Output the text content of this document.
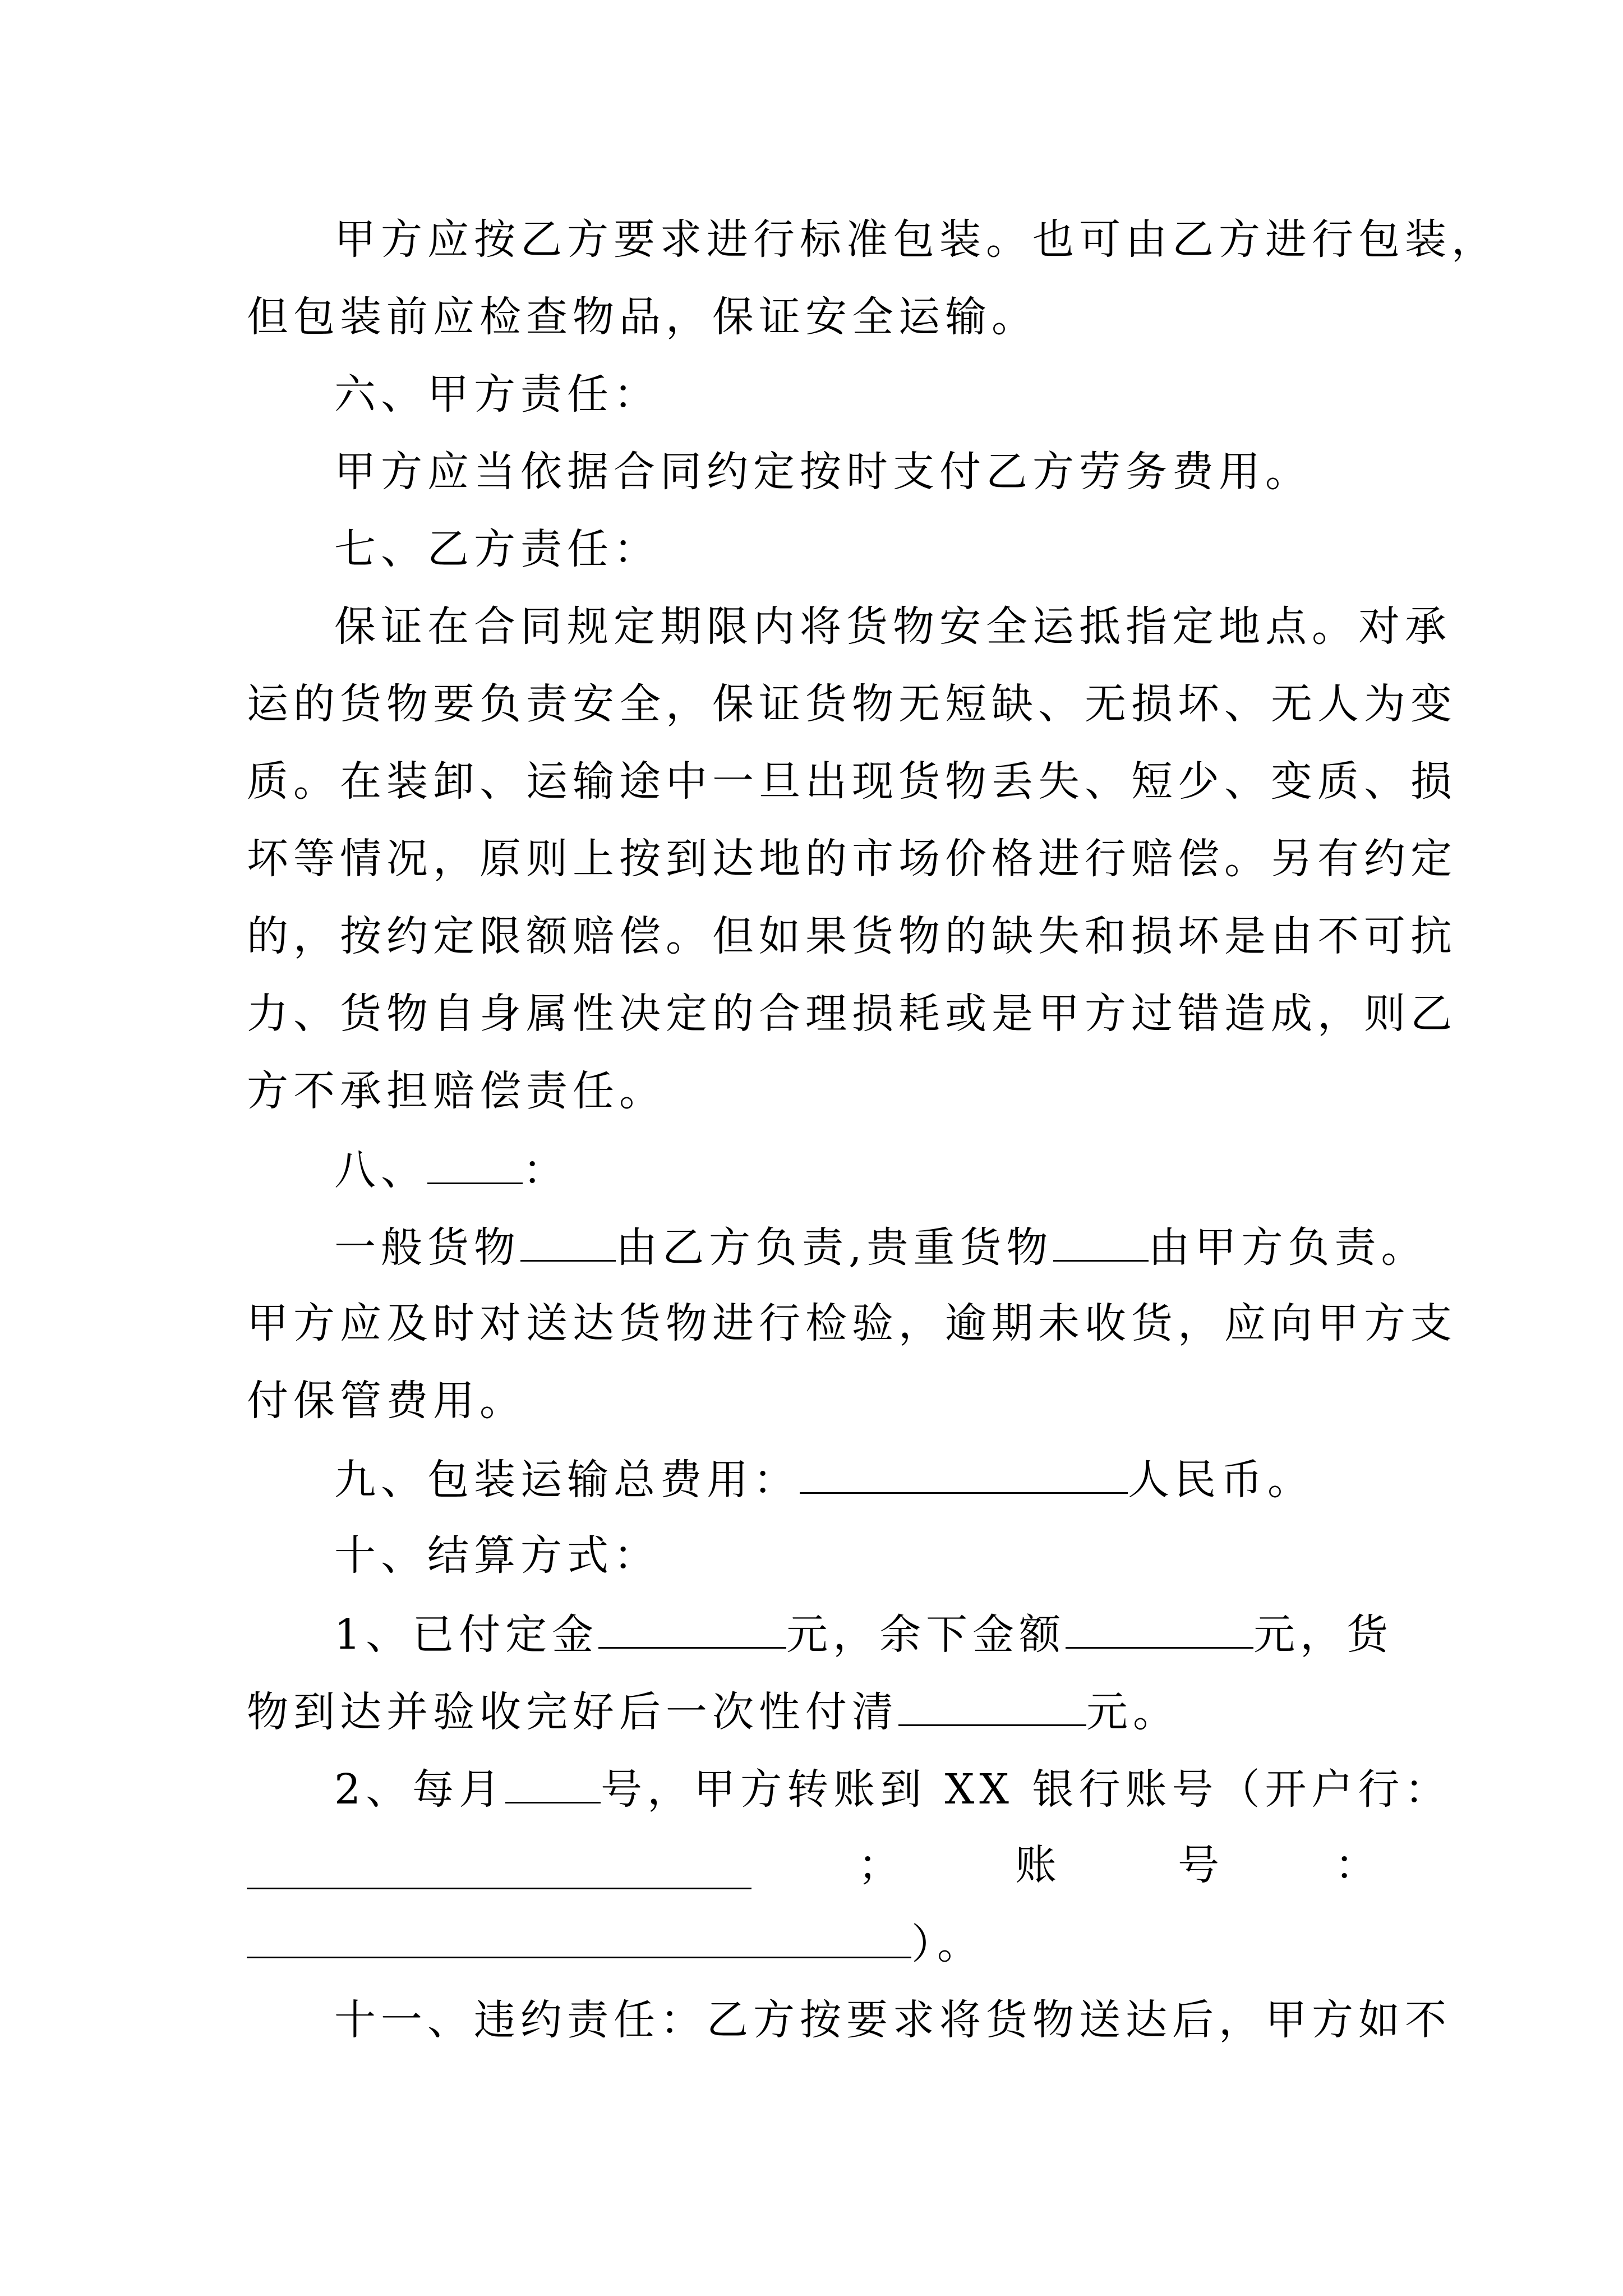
甲方应按乙方要求进行标准包装。也可由乙方进行包装，
但包装前应检查物品，保证安全运输。
六、甲方责任：
甲方应当依据合同约定按时支付乙方劳务费用。
七、乙方责任：
保证在合同规定期限内将货物安全运抵指定地点。对承
运的货物要负责安全，保证货物无短缺、无损坏、无人为变
质。在装卸、运输途中一旦出现货物丢失、短少、变质、损
坏等情况，原则上按到达地的市场价格进行赔偿。另有约定
的，按约定限额赔偿。但如果货物的缺失和损坏是由不可抗
力、货物自身属性决定的合理损耗或是甲方过错造成，则乙
方不承担赔偿责任。
八、 ：
一般货物 由乙方负责,贵重货物 由甲方负责。
甲方应及时对送达货物进行检验，逾期未收货，应向甲方支
付保管费用。
九、包装运输总费用：	人民币。
十、结算方式：
1、已付定金	元，余下金额	元，货
物到达并验收完好后一次性付清	元。
2、每月 号，甲方转账到 XX 银行账号（开户行：
；	账	号	：
）。
十一、违约责任：乙方按要求将货物送达后，甲方如不
